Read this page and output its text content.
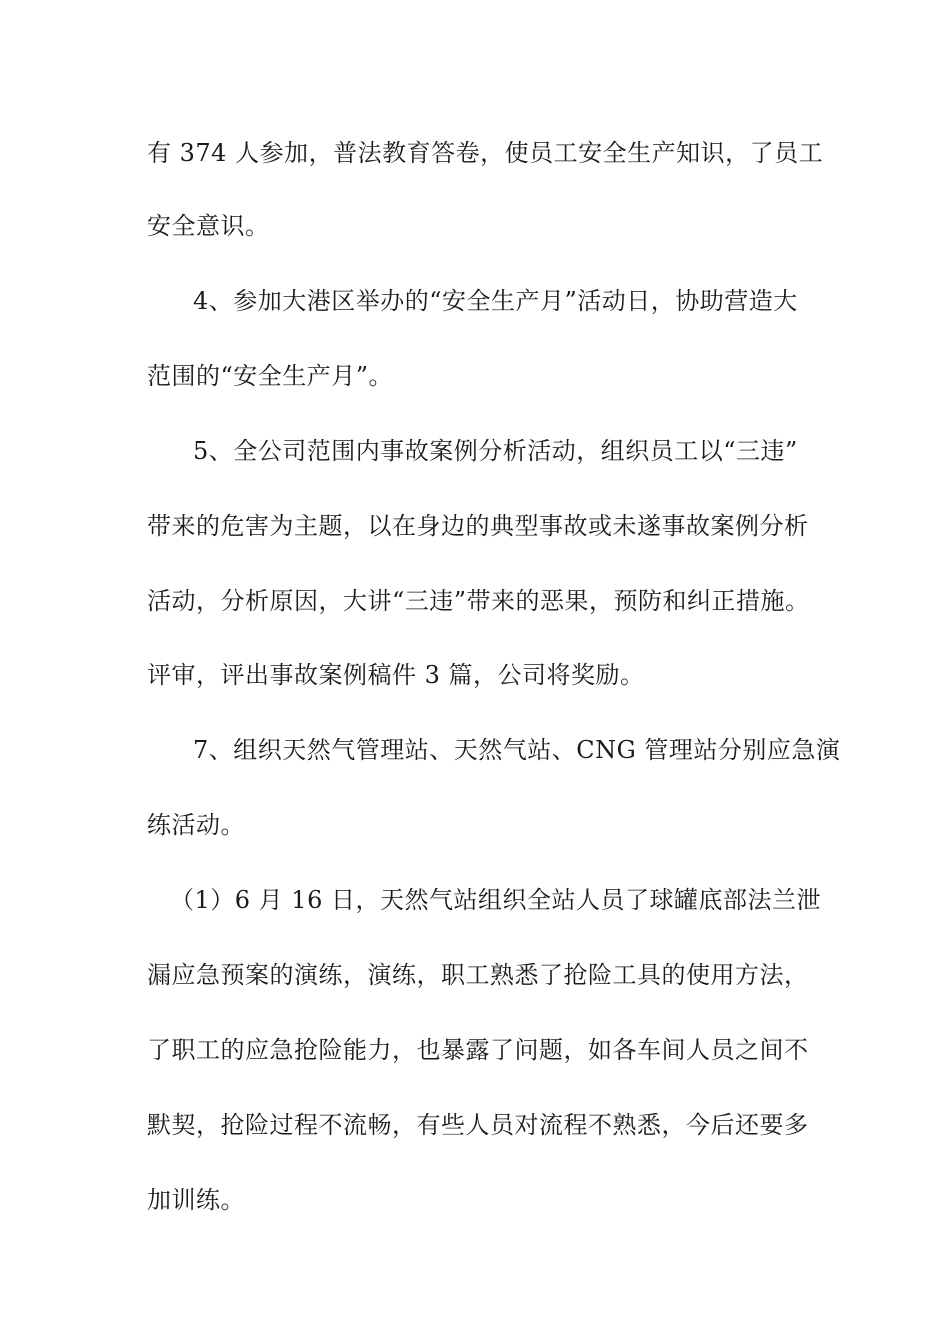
有 374 人参加，普法教育答卷，使员工安全生产知识，了员工
安全意识。
4、参加大港区举办的“安全生产月”活动日，协助营造大
范围的“安全生产月”。
5、全公司范围内事故案例分析活动，组织员工以“三违”
带来的危害为主题，以在身边的典型事故或未遂事故案例分析
活动，分析原因，大讲“三违”带来的恶果，预防和纠正措施。
评审，评出事故案例稿件 3 篇，公司将奖励。
7、组织天然气管理站、天然气站、CNG 管理站分别应急演
练活动。
（1）6 月 16 日，天然气站组织全站人员了球罐底部法兰泄
漏应急预案的演练，演练，职工熟悉了抢险工具的使用方法，
了职工的应急抢险能力，也暴露了问题，如各车间人员之间不
默契，抢险过程不流畅，有些人员对流程不熟悉，今后还要多
加训练。
